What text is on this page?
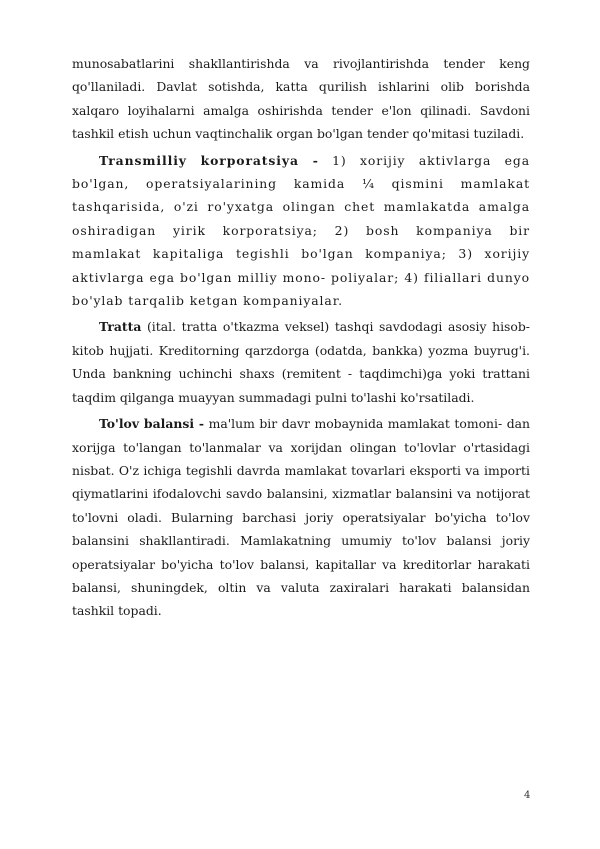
munosabatlarini shakllantirishda va rivojlantirishda tender keng qo'llaniladi. Davlat sotishda, katta qurilish ishlarini olib borishda xalqaro loyihalarni amalga oshirishda tender e'lon qilinadi. Savdoni tashkil etish uchun vaqtinchalik organ bo'lgan tender qo'mitasi tuziladi.

Transmilliy korporatsiya - 1) xorijiy aktivlarga ega bo'lgan, operatsiyalarining kamida ¼ qismini mamlakat tashqarisida, o'zi ro'yxatga olingan chet mamlakatda amalga oshiradigan yirik korporatsiya; 2) bosh kompaniya bir mamlakat kapitaliga tegishli bo'lgan kompaniya; 3) xorijiy aktivlarga ega bo'lgan milliy mono- poliyalar; 4) filiallari dunyo bo'ylab tarqalib ketgan kompaniyalar.

Tratta (ital. tratta o'tkazma veksel) tashqi savdodagi asosiy hisob-kitob hujjati. Kreditorning qarzdorga (odatda, bankka) yozma buyrug'i. Unda bankning uchinchi shaxs (remitent - taqdimchi)ga yoki trattani taqdim qilganga muayyan summadagi pulni to'lashi ko'rsatiladi.

To'lov balansi - ma'lum bir davr mobaynida mamlakat tomoni- dan xorijga to'langan to'lanmalar va xorijdan olingan to'lovlar o'rtasidagi nisbat. O'z ichiga tegishli davrda mamlakat tovarlari eksporti va importi qiymatlarini ifodalovchi savdo balansini, xizmatlar balansini va notijorat to'lovni oladi. Bularning barchasi joriy operatsiyalar bo'yicha to'lov balansini shakllantiradi. Mamlakatning umumiy to'lov balansi joriy operatsiyalar bo'yicha to'lov balansi, kapitallar va kreditorlar harakati balansi, shuningdek, oltin va valuta zaxiralari harakati balansidan tashkil topadi.

4
